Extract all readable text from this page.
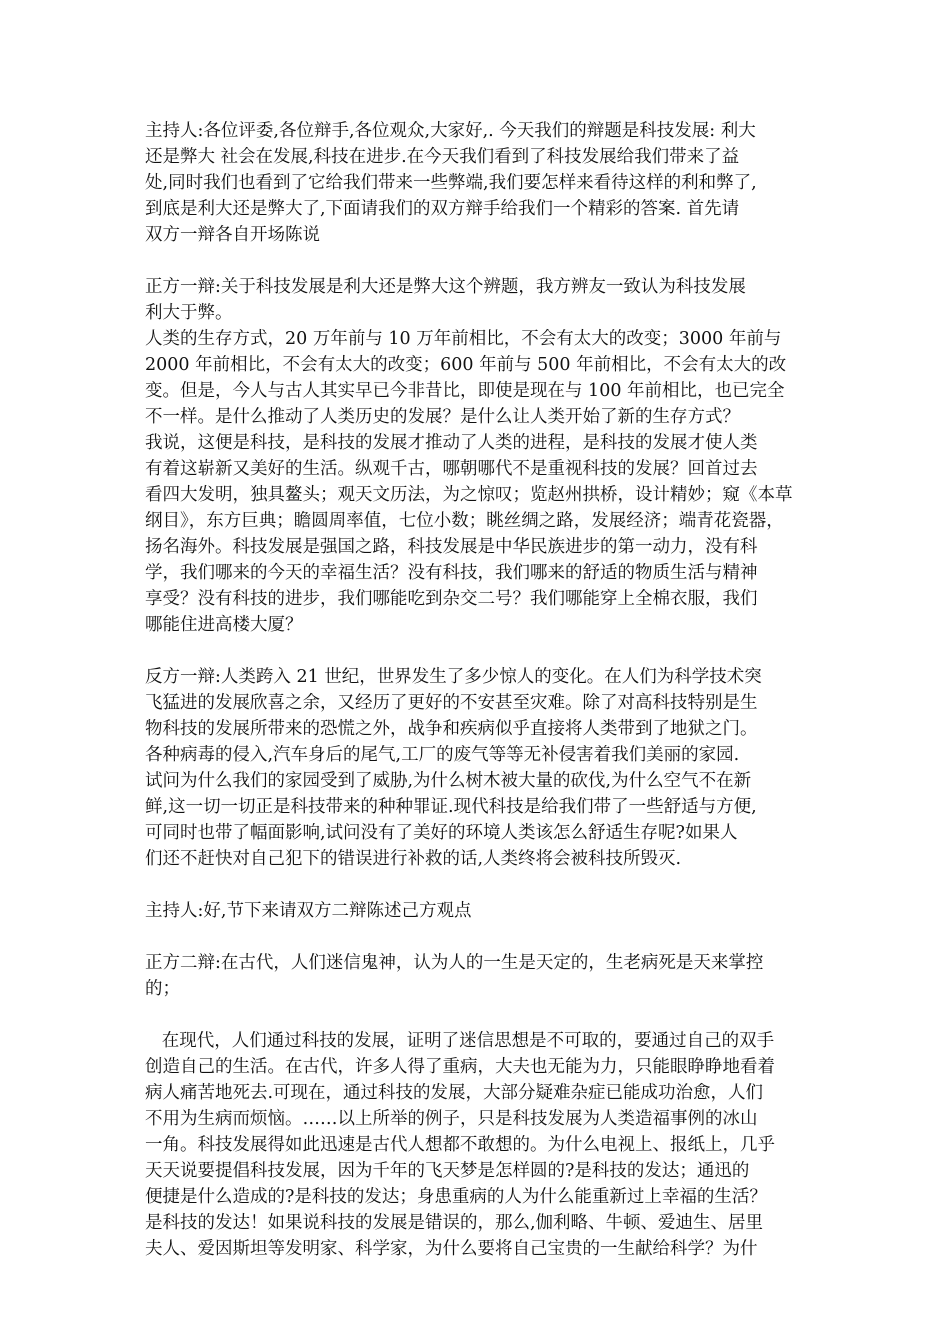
主持人:各位评委,各位辩手,各位观众,大家好,. 今天我们的辩题是科技发展: 利大
还是弊大 社会在发展,科技在进步.在今天我们看到了科技发展给我们带来了益
处,同时我们也看到了它给我们带来一些弊端,我们要怎样来看待这样的利和弊了,
到底是利大还是弊大了,下面请我们的双方辩手给我们一个精彩的答案. 首先请
双方一辩各自开场陈说
正方一辩:关于科技发展是利大还是弊大这个辨题，我方辨友一致认为科技发展
利大于弊。
人类的生存方式，20 万年前与 10 万年前相比，不会有太大的改变；3000 年前与
2000 年前相比，不会有太大的改变；600 年前与 500 年前相比，不会有太大的改
变。但是，今人与古人其实早已今非昔比，即使是现在与 100 年前相比，也已完全
不一样。是什么推动了人类历史的发展？是什么让人类开始了新的生存方式？
我说，这便是科技，是科技的发展才推动了人类的进程，是科技的发展才使人类
有着这崭新又美好的生活。纵观千古，哪朝哪代不是重视科技的发展？回首过去
看四大发明，独具鳌头；观天文历法，为之惊叹；览赵州拱桥，设计精妙；窥《本草
纲目》，东方巨典；瞻圆周率值，七位小数；眺丝绸之路，发展经济；端青花瓷器，
扬名海外。科技发展是强国之路，科技发展是中华民族进步的第一动力，没有科
学，我们哪来的今天的幸福生活？没有科技，我们哪来的舒适的物质生活与精神
享受？没有科技的进步，我们哪能吃到杂交二号？我们哪能穿上全棉衣服，我们
哪能住进高楼大厦？
反方一辩:人类跨入 21 世纪，世界发生了多少惊人的变化。在人们为科学技术突
飞猛进的发展欣喜之余，又经历了更好的不安甚至灾难。除了对高科技特别是生
物科技的发展所带来的恐慌之外，战争和疾病似乎直接将人类带到了地狱之门。
各种病毒的侵入,汽车身后的尾气,工厂的废气等等无补侵害着我们美丽的家园.
试问为什么我们的家园受到了威胁,为什么树木被大量的砍伐,为什么空气不在新
鲜,这一切一切正是科技带来的种种罪证.现代科技是给我们带了一些舒适与方便,
可同时也带了幅面影响,试问没有了美好的环境人类该怎么舒适生存呢?如果人
们还不赶快对自己犯下的错误进行补救的话,人类终将会被科技所毁灭.
主持人:好,节下来请双方二辩陈述己方观点
正方二辩:在古代，人们迷信鬼神，认为人的一生是天定的，生老病死是天来掌控
的；
在现代，人们通过科技的发展，证明了迷信思想是不可取的，要通过自己的双手
创造自己的生活。在古代，许多人得了重病，大夫也无能为力，只能眼睁睁地看着
病人痛苦地死去.可现在，通过科技的发展，大部分疑难杂症已能成功治愈，人们
不用为生病而烦恼。……以上所举的例子，只是科技发展为人类造福事例的冰山
一角。科技发展得如此迅速是古代人想都不敢想的。为什么电视上、报纸上，几乎
天天说要提倡科技发展，因为千年的飞天梦是怎样圆的?是科技的发达；通迅的
便捷是什么造成的?是科技的发达；身患重病的人为什么能重新过上幸福的生活？
是科技的发达！如果说科技的发展是错误的，那么,伽利略、牛顿、爱迪生、居里
夫人、爱因斯坦等发明家、科学家，为什么要将自己宝贵的一生献给科学？为什
